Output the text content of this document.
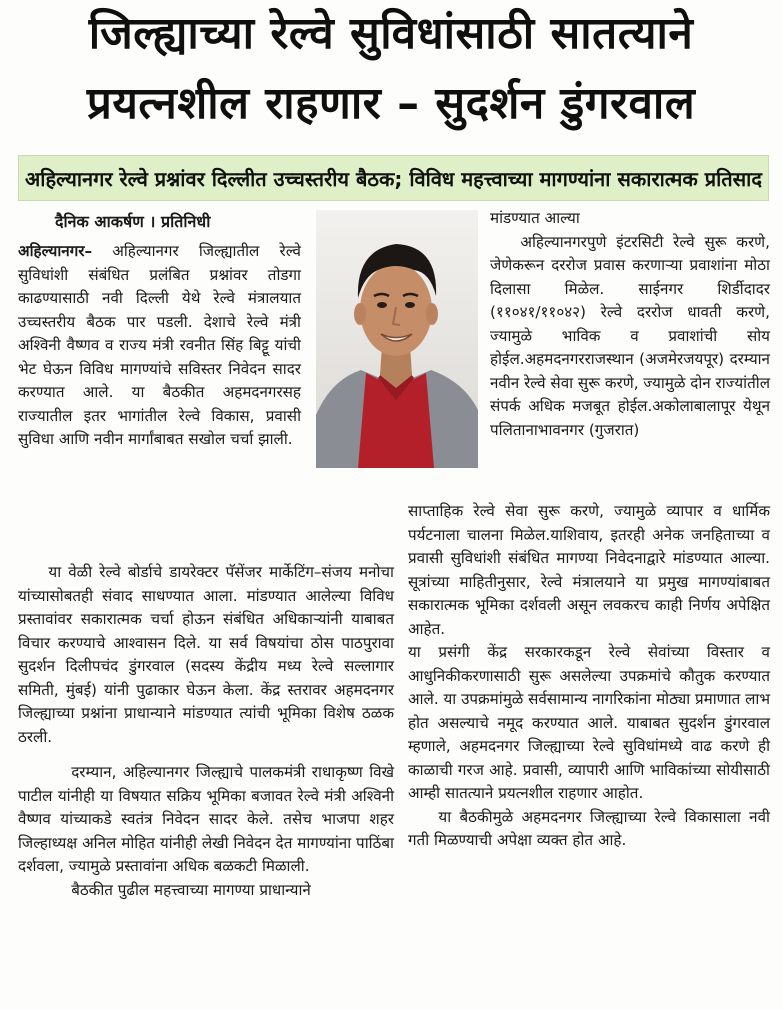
जिल्ह्याच्या रेल्वे सुविधांसाठी सातत्याने
प्रयत्नशील राहणार – सुदर्शन डुंगरवाल
अहिल्यानगर रेल्वे प्रश्नांवर दिल्लीत उच्चस्तरीय बैठक; विविध महत्त्वाच्या मागण्यांना सकारात्मक प्रतिसाद
दैनिक आकर्षण । प्रतिनिधी

अहिल्यानगर– अहिल्यानगर जिल्ह्यातील रेल्वे सुविधांशी संबंधित प्रलंबित प्रश्नांवर तोडगा काढण्यासाठी नवी दिल्ली येथे रेल्वे मंत्रालयात उच्चस्तरीय बैठक पार पडली. देशाचे रेल्वे मंत्री अश्विनी वैष्णव व राज्य मंत्री रवनीत सिंह बिट्टू यांची भेट घेऊन विविध मागण्यांचे सविस्तर निवेदन सादर करण्यात आले. या बैठकीत अहमदनगरसह राज्यातील इतर भागांतील रेल्वे विकास, प्रवासी सुविधा आणि नवीन मार्गांबाबत सखोल चर्चा झाली.

या वेळी रेल्वे बोर्डाचे डायरेक्टर पॅसेंजर मार्केटिंग–संजय मनोचा यांच्यासोबतही संवाद साधण्यात आला. मांडण्यात आलेल्या विविध प्रस्तावांवर सकारात्मक चर्चा होऊन संबंधित अधिकाऱ्यांनी याबाबत विचार करण्याचे आश्वासन दिले. या सर्व विषयांचा ठोस पाठपुरावा सुदर्शन दिलीपचंद डुंगरवाल (सदस्य केंद्रीय मध्य रेल्वे सल्लागार समिती, मुंबई) यांनी पुढाकार घेऊन केला. केंद्र स्तरावर अहमदनगर जिल्ह्याच्या प्रश्नांना प्राधान्याने मांडण्यात त्यांची भूमिका विशेष ठळक ठरली.

दरम्यान, अहिल्यानगर जिल्ह्याचे पालकमंत्री राधाकृष्ण विखे पाटील यांनीही या विषयात सक्रिय भूमिका बजावत रेल्वे मंत्री अश्विनी वैष्णव यांच्याकडे स्वतंत्र निवेदन सादर केले. तसेच भाजपा शहर जिल्हाध्यक्ष अनिल मोहित यांनीही लेखी निवेदन देत मागण्यांना पाठिंबा दर्शवला, ज्यामुळे प्रस्तावांना अधिक बळकटी मिळाली.

बैठकीत पुढील महत्त्वाच्या मागण्या प्राधान्याने

मांडण्यात आल्या

अहिल्यानगरपुणे इंटरसिटी रेल्वे सुरू करणे, जेणेकरून दररोज प्रवास करणाऱ्या प्रवाशांना मोठा दिलासा मिळेल. साईनगर शिर्डीदादर (११०४१/११०४२) रेल्वे दररोज धावती करणे, ज्यामुळे भाविक व प्रवाशांची सोय होईल.अहमदनगरराजस्थान (अजमेरजयपूर) दरम्यान नवीन रेल्वे सेवा सुरू करणे, ज्यामुळे दोन राज्यांतील संपर्क अधिक मजबूत होईल.अकोलाबालापूर येथून पलितानाभावनगर (गुजरात)

साप्ताहिक रेल्वे सेवा सुरू करणे, ज्यामुळे व्यापार व धार्मिक पर्यटनाला चालना मिळेल.याशिवाय, इतरही अनेक जनहिताच्या व प्रवासी सुविधांशी संबंधित मागण्या निवेदनाद्वारे मांडण्यात आल्या. सूत्रांच्या माहितीनुसार, रेल्वे मंत्रालयाने या प्रमुख मागण्यांबाबत सकारात्मक भूमिका दर्शवली असून लवकरच काही निर्णय अपेक्षित आहेत.

या प्रसंगी केंद्र सरकारकडून रेल्वे सेवांच्या विस्तार व आधुनिकीकरणासाठी सुरू असलेल्या उपक्रमांचे कौतुक करण्यात आले. या उपक्रमांमुळे सर्वसामान्य नागरिकांना मोठ्या प्रमाणात लाभ होत असल्याचे नमूद करण्यात आले. याबाबत सुदर्शन डुंगरवाल म्हणाले, अहमदनगर जिल्ह्याच्या रेल्वे सुविधांमध्ये वाढ करणे ही काळाची गरज आहे. प्रवासी, व्यापारी आणि भाविकांच्या सोयीसाठी आम्ही सातत्याने प्रयत्नशील राहणार आहोत.

या बैठकीमुळे अहमदनगर जिल्ह्याच्या रेल्वे विकासाला नवी गती मिळण्याची अपेक्षा व्यक्त होत आहे.
